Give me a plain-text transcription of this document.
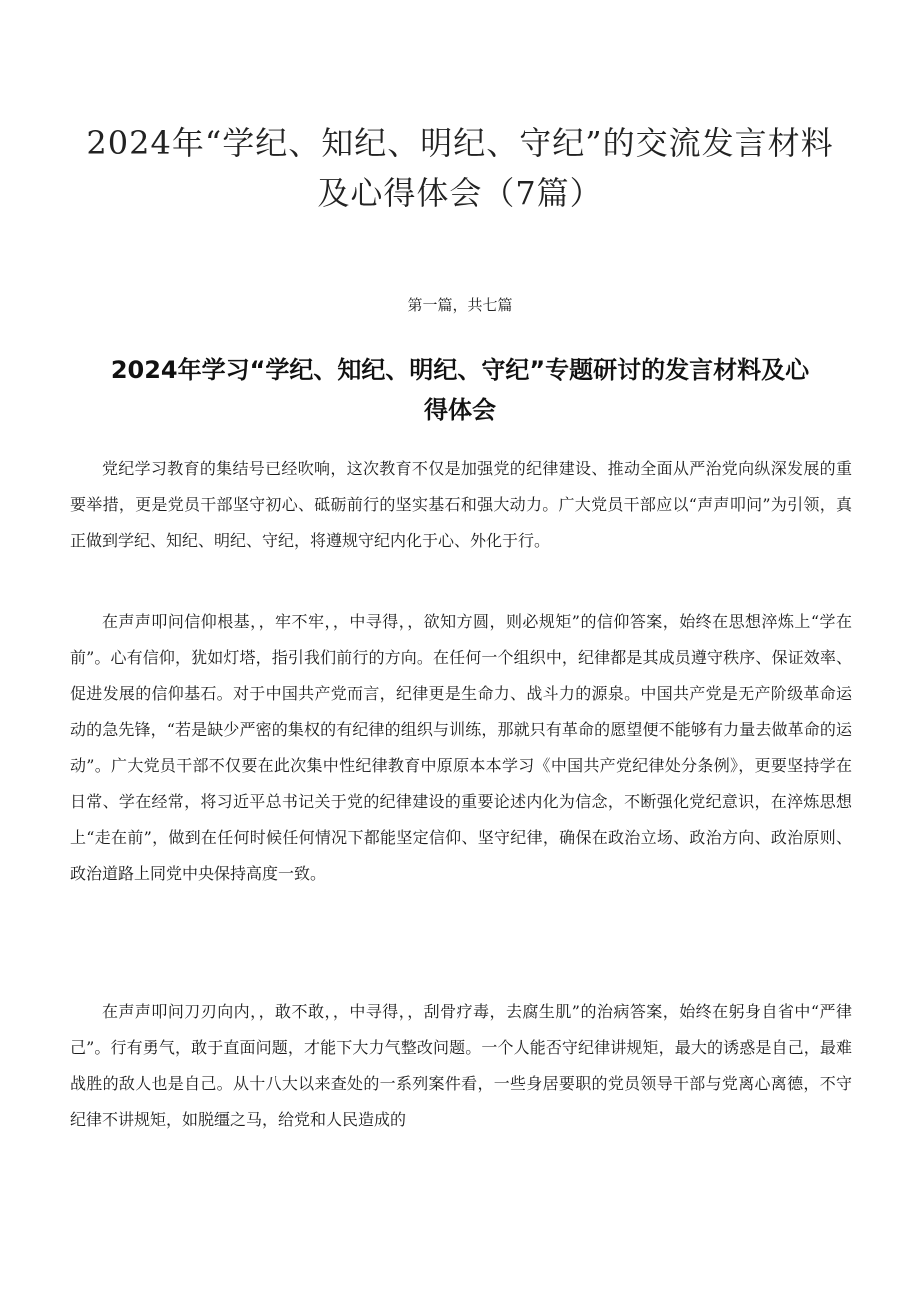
2024年“学纪、知纪、明纪、守纪”的交流发言材料及心得体会（7篇）
第一篇，共七篇
2024年学习“学纪、知纪、明纪、守纪”专题研讨的发言材料及心得体会

党纪学习教育的集结号已经吹响，这次教育不仅是加强党的纪律建设、推动全面从严治党向纵深发展的重要举措，更是党员干部坚守初心、砥砺前行的坚实基石和强大动力。广大党员干部应以“声声叩问”为引领，真正做到学纪、知纪、明纪、守纪，将遵规守纪内化于心、外化于行。

在声声叩问信仰根基，，牢不牢，，中寻得，，欲知方圆，则必规矩”的信仰答案，始终在思想淬炼上“学在前”。心有信仰，犹如灯塔，指引我们前行的方向。在任何一个组织中，纪律都是其成员遵守秩序、保证效率、促进发展的信仰基石。对于中国共产党而言，纪律更是生命力、战斗力的源泉。中国共产党是无产阶级革命运动的急先锋，“若是缺少严密的集权的有纪律的组织与训练，那就只有革命的愿望便不能够有力量去做革命的运动”。广大党员干部不仅要在此次集中性纪律教育中原原本本学习《中国共产党纪律处分条例》，更要坚持学在日常、学在经常，将习近平总书记关于党的纪律建设的重要论述内化为信念，不断强化党纪意识，在淬炼思想上“走在前”，做到在任何时候任何情况下都能坚定信仰、坚守纪律，确保在政治立场、政治方向、政治原则、政治道路上同党中央保持高度一致。

在声声叩问刀刃向内，，敢不敢，，中寻得，，刮骨疗毒，去腐生肌”的治病答案，始终在躬身自省中“严律己”。行有勇气，敢于直面问题，才能下大力气整改问题。一个人能否守纪律讲规矩，最大的诱惑是自己，最难战胜的敌人也是自己。从十八大以来查处的一系列案件看，一些身居要职的党员领导干部与党离心离德，不守纪律不讲规矩，如脱缰之马，给党和人民造成的
